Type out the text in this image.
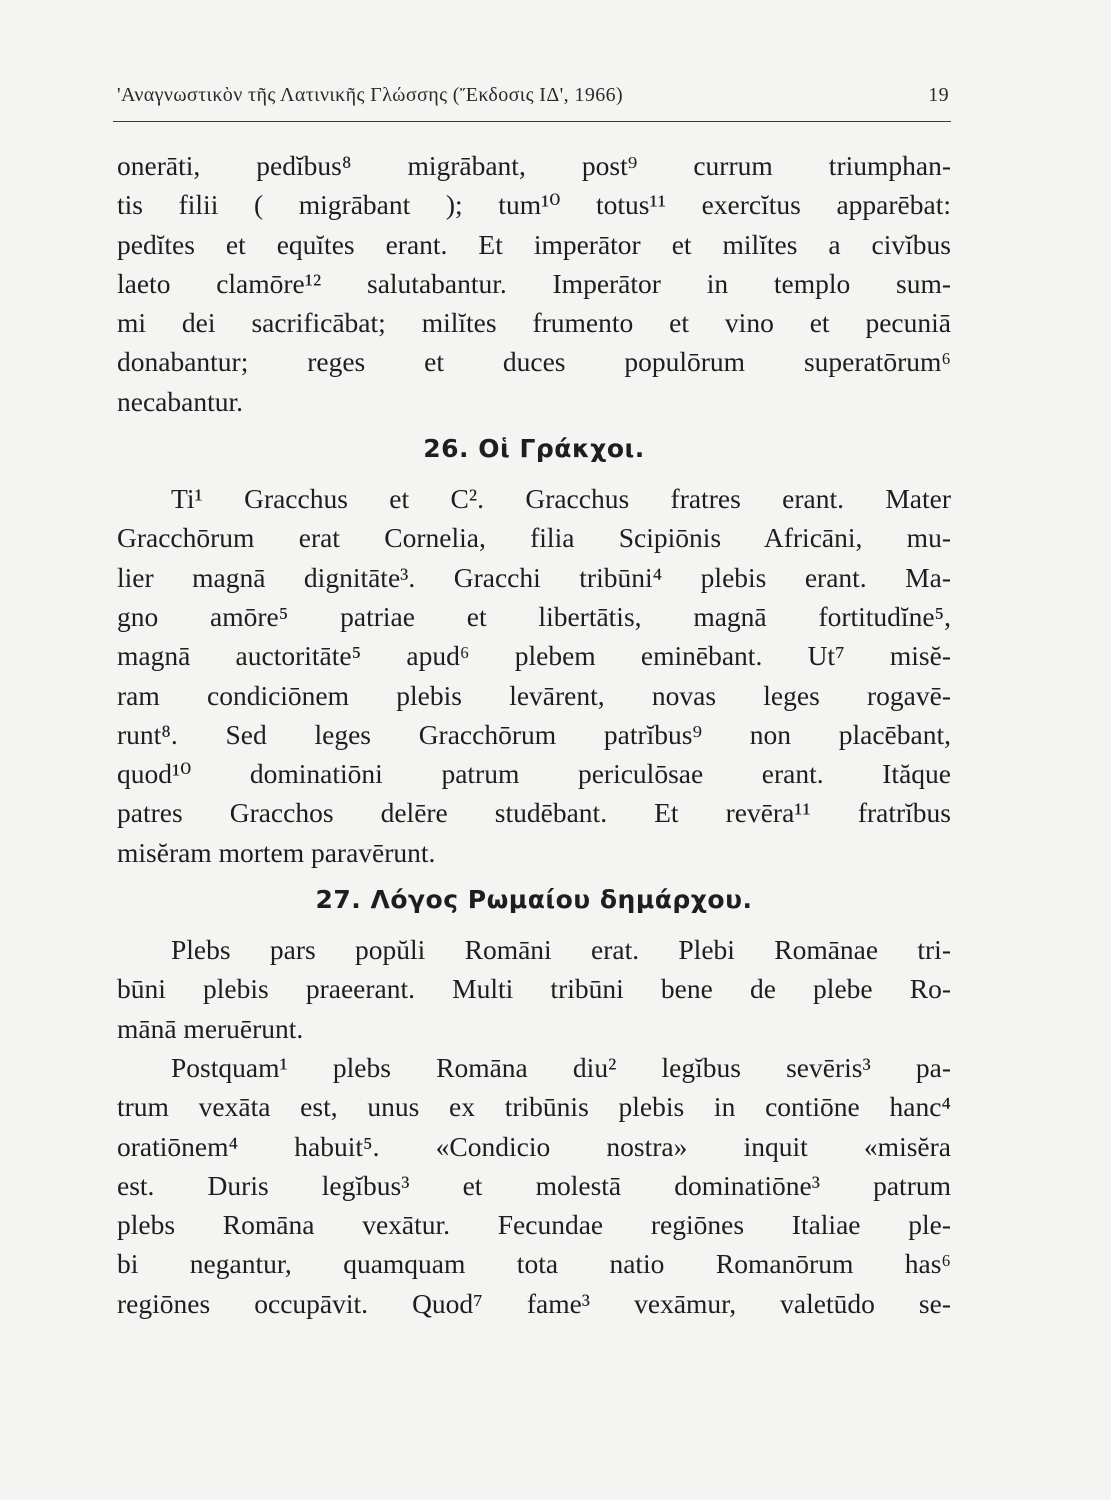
'Αναγνωστικὸν τῆς Λατινικῆς Γλώσσης (Ἔκδοσις ΙΔ', 1966)	19
onerāti, pedĭbus⁸ migrābant, post⁹ currum triumphan-
tis filii ( migrābant ); tum¹⁰ totus¹¹ exercĭtus apparēbat:
pedĭtes et equĭtes erant. Et imperātor et milĭtes a civĭbus
laeto clamōre¹² salutabantur. Imperātor in templo sum-
mi dei sacrificābat; milĭtes frumento et vino et pecuniā
donabantur; reges et duces populōrum superatōrum⁶
necabantur.
26. Οἱ Γράκχοι.
Ti¹ Gracchus et C². Gracchus fratres erant. Mater
Gracchōrum erat Cornelia, filia Scipiōnis Africāni, mu-
lier magnā dignitāte³. Gracchi tribūni⁴ plebis erant. Ma-
gno amōre⁵ patriae et libertātis, magnā fortitudĭne⁵,
magnā auctoritāte⁵ apud⁶ plebem eminēbant. Ut⁷ misĕ-
ram condiciōnem plebis levārent, novas leges rogavē-
runt⁸. Sed leges Gracchōrum patrĭbus⁹ non placēbant,
quod¹⁰ dominatiōni patrum periculōsae erant. Ităque
patres Gracchos delēre studēbant. Et revēra¹¹ fratrĭbus
misĕram mortem paravērunt.
27. Λόγος Ρωμαίου δημάρχου.
Plebs pars popŭli Romāni erat. Plebi Romānae tri-
būni plebis praeerant. Multi tribūni bene de plebe Ro-
mānā meruērunt.
Postquam¹ plebs Romāna diu² legĭbus sevēris³ pa-
trum vexāta est, unus ex tribūnis plebis in contiōne hanc⁴
oratiōnem⁴ habuit⁵. «Condicio nostra» inquit «misĕra
est. Duris legĭbus³ et molestā dominatiōne³ patrum
plebs Romāna vexātur. Fecundae regiōnes Italiae ple-
bi negantur, quamquam tota natio Romanōrum has⁶
regiōnes occupāvit. Quod⁷ fame³ vexāmur, valetūdo se-
